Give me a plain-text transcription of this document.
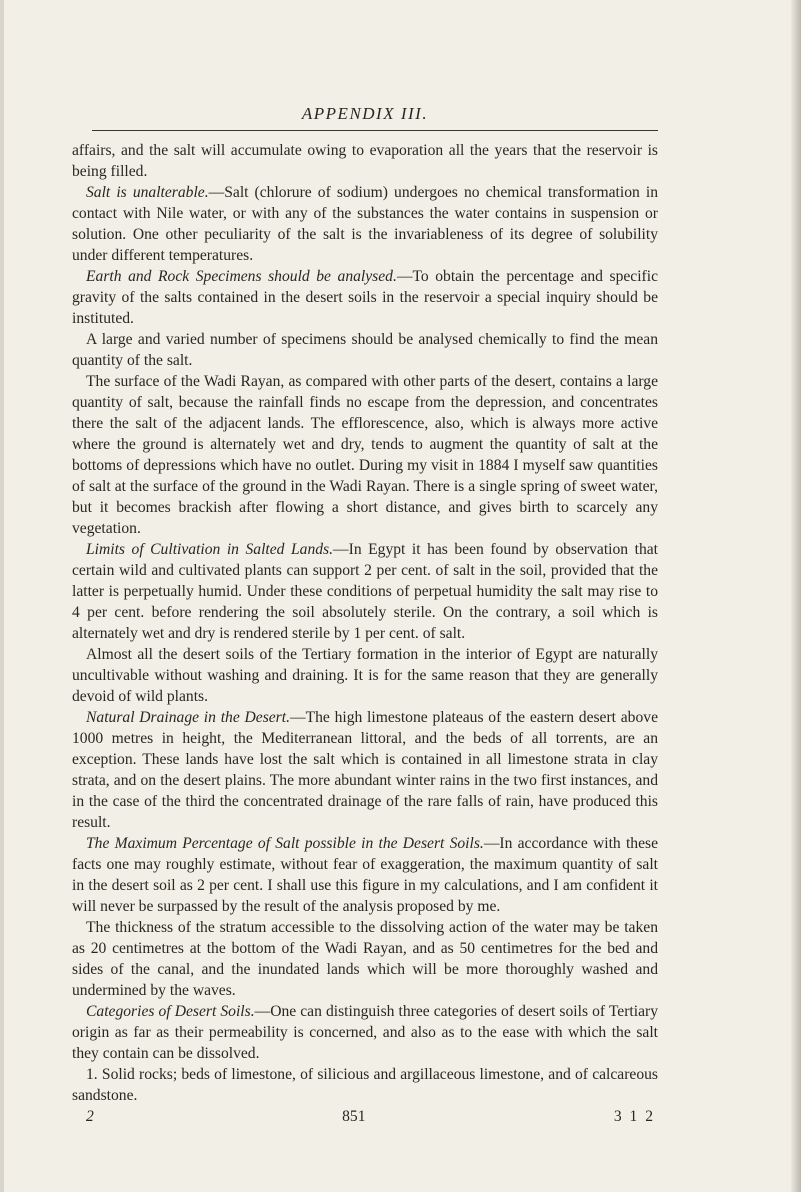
APPENDIX III.

affairs, and the salt will accumulate owing to evaporation all the years that the reservoir is being filled.

Salt is unalterable.—Salt (chlorure of sodium) undergoes no chemical transformation in contact with Nile water, or with any of the substances the water contains in suspension or solution. One other peculiarity of the salt is the invariableness of its degree of solubility under different temperatures.

Earth and Rock Specimens should be analysed.—To obtain the percentage and specific gravity of the salts contained in the desert soils in the reservoir a special inquiry should be instituted.

A large and varied number of specimens should be analysed chemically to find the mean quantity of the salt.

The surface of the Wadi Rayan, as compared with other parts of the desert, contains a large quantity of salt, because the rainfall finds no escape from the depression, and concentrates there the salt of the adjacent lands. The efflorescence, also, which is always more active where the ground is alternately wet and dry, tends to augment the quantity of salt at the bottoms of depressions which have no outlet. During my visit in 1884 I myself saw quantities of salt at the surface of the ground in the Wadi Rayan. There is a single spring of sweet water, but it becomes brackish after flowing a short distance, and gives birth to scarcely any vegetation.

Limits of Cultivation in Salted Lands.—In Egypt it has been found by observation that certain wild and cultivated plants can support 2 per cent. of salt in the soil, provided that the latter is perpetually humid. Under these conditions of perpetual humidity the salt may rise to 4 per cent. before rendering the soil absolutely sterile. On the contrary, a soil which is alternately wet and dry is rendered sterile by 1 per cent. of salt.

Almost all the desert soils of the Tertiary formation in the interior of Egypt are naturally uncultivable without washing and draining. It is for the same reason that they are generally devoid of wild plants.

Natural Drainage in the Desert.—The high limestone plateaus of the eastern desert above 1000 metres in height, the Mediterranean littoral, and the beds of all torrents, are an exception. These lands have lost the salt which is contained in all limestone strata in clay strata, and on the desert plains. The more abundant winter rains in the two first instances, and in the case of the third the concentrated drainage of the rare falls of rain, have produced this result.

The Maximum Percentage of Salt possible in the Desert Soils.—In accordance with these facts one may roughly estimate, without fear of exaggeration, the maximum quantity of salt in the desert soil as 2 per cent. I shall use this figure in my calculations, and I am confident it will never be surpassed by the result of the analysis proposed by me.

The thickness of the stratum accessible to the dissolving action of the water may be taken as 20 centimetres at the bottom of the Wadi Rayan, and as 50 centimetres for the bed and sides of the canal, and the inundated lands which will be more thoroughly washed and undermined by the waves.

Categories of Desert Soils.—One can distinguish three categories of desert soils of Tertiary origin as far as their permeability is concerned, and also as to the ease with which the salt they contain can be dissolved.

1. Solid rocks; beds of limestone, of silicious and argillaceous limestone, and of calcareous sandstone.

2	851	3 1 2
